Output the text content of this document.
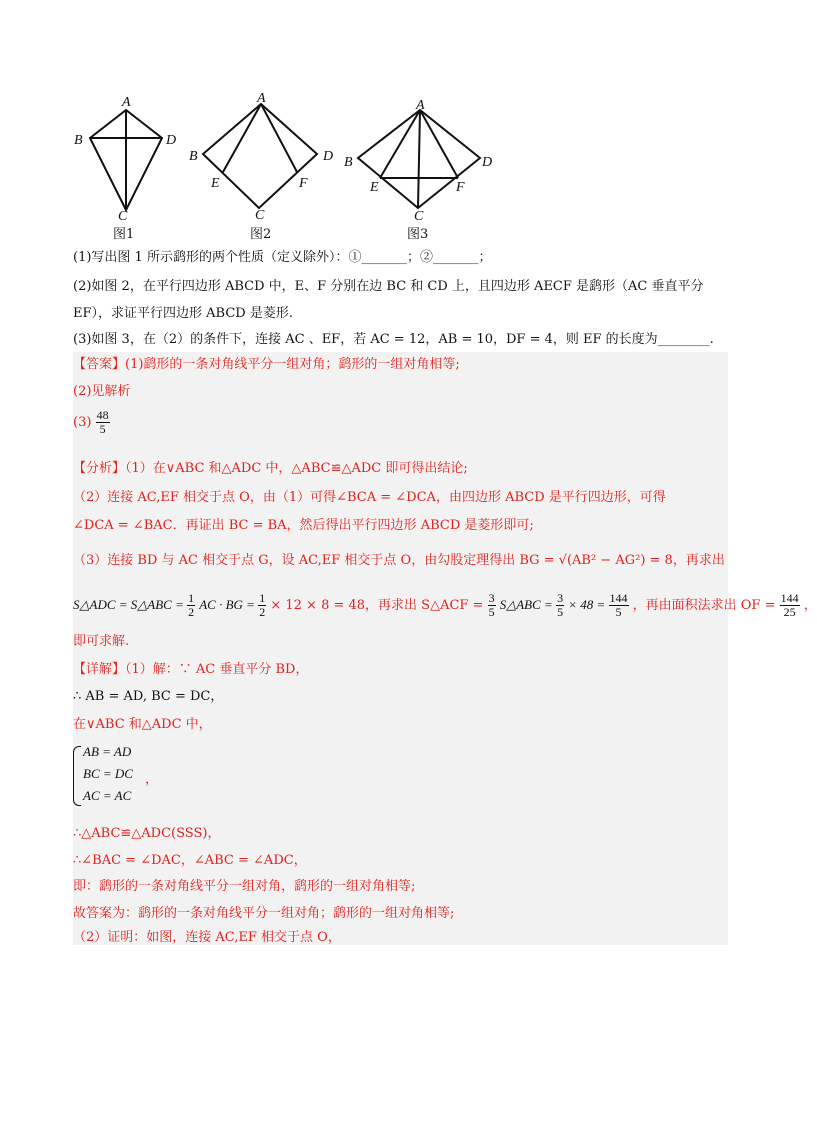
A
B	D
C
图1
A
B	D
E	F
C
图2
A
B	D
E	F
C
图3
(1)写出图 1 所示鹞形的两个性质（定义除外）：①_______；②_______；
(2)如图 2，在平行四边形 ABCD 中，E、F 分别在边 BC 和 CD 上，且四边形 AECF 是鹞形（AC 垂直平分
EF），求证平行四边形 ABCD 是菱形.
(3)如图 3，在（2）的条件下，连接 AC 、EF，若 AC = 12，AB = 10，DF = 4，则 EF 的长度为________.
【答案】(1)鹞形的一条对角线平分一组对角；鹞形的一组对角相等;
(2)见解析
$(3) \frac{48}{5}$
【分析】（1）在∨ABC 和△ADC 中，△ABC≌△ADC 即可得出结论;
（2）连接 AC,EF 相交于点 O，由（1）可得∠BCA = ∠DCA，由四边形 ABCD 是平行四边形，可得
∠DCA = ∠BAC．再证出 BC = BA，然后得出平行四边形 ABCD 是菱形即可;
（3）连接 BD 与 AC 相交于点 G，设 AC,EF 相交于点 O，由勾股定理得出 BG = √(AB² − AG²) = 8，再求出
S△ADC = S△ABC = $\frac{1}{2}$ AC · BG = $\frac{1}{2} \times 12 \times 8 = 48$，再求出 S△ACF = $\frac{3}{5}$ S△ABC = $\frac{3}{5} \times 48 = \frac{144}{5}$ ，再由面积法求出 OF = $\frac{144}{25}$ ，
即可求解.
【详解】（1）解：∵ AC 垂直平分 BD，
∴ AB = AD, BC = DC，
在∨ABC 和△ADC 中，
AB = AD
BC = DC
AC = AC
，
∴△ABC≌△ADC(SSS)，
∴∠BAC = ∠DAC，∠ABC = ∠ADC，
即：鹞形的一条对角线平分一组对角，鹞形的一组对角相等;
故答案为：鹞形的一条对角线平分一组对角；鹞形的一组对角相等;
（2）证明：如图，连接 AC,EF 相交于点 O，
